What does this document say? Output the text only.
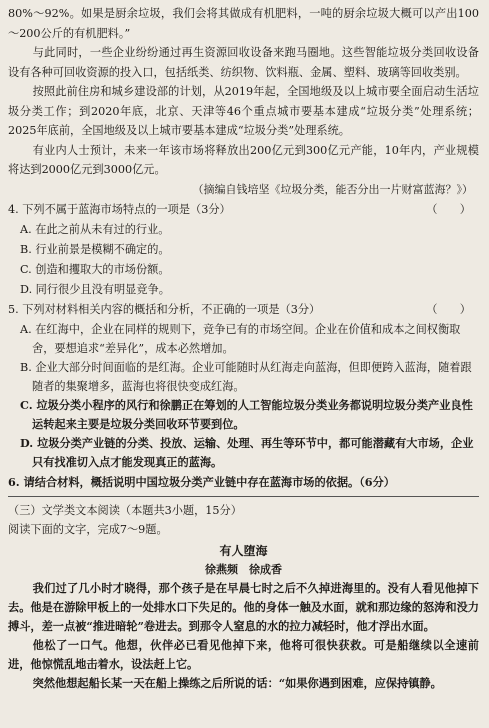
80%～92%。如果是厨余垃圾，我们会将其做成有机肥料，一吨的厨余垃圾大概可以产出100～200公斤的有机肥料。”

与此同时，一些企业纷纷通过再生资源回收设备来跑马圈地。这些智能垃圾分类回收设备设有各种可回收资源的投入口，包括纸类、纺织物、饮料瓶、金属、塑料、玻璃等回收类别。

按照此前住房和城乡建设部的计划，从2019年起，全国地级及以上城市要全面启动生活垃圾分类工作；到2020年底，北京、天津等46个重点城市要基本建成“垃圾分类”处理系统；2025年底前，全国地级及以上城市要基本建成“垃圾分类”处理系统。

有业内人士预计，未来一年该市场将释放出200亿元到300亿元产能，10年内，产业规模将达到2000亿元到3000亿元。

（摘编自钱培坚《垃圾分类，能否分出一片财富蓝海？》）

4. 下列不属于蓝海市场特点的一项是（3分）	（　　）

A. 在此之前从未有过的行业。

B. 行业前景是模糊不确定的。

C. 创造和攫取大的市场份额。

D. 同行很少且没有明显竞争。

5. 下列对材料相关内容的概括和分析，不正确的一项是（3分）	（　　）

A. 在红海中，企业在同样的规则下，竞争已有的市场空间。企业在价值和成本之间权衡取舍，要想追求“差异化”，成本必然增加。

B. 企业大部分时间面临的是红海。企业可能随时从红海走向蓝海，但即便跨入蓝海，随着跟随者的集聚增多，蓝海也将很快变成红海。

C. 垃圾分类小程序的风行和徐鹏正在筹划的人工智能垃圾分类业务都说明垃圾分类产业良性运转起来主要是垃圾分类回收环节要到位。

D. 垃圾分类产业链的分类、投放、运输、处理、再生等环节中，都可能潜藏有大市场，企业只有找准切入点才能发现真正的蓝海。

6. 请结合材料，概括说明中国垃圾分类产业链中存在蓝海市场的依据。（6分）

（三）文学类文本阅读（本题共3小题，15分）

阅读下面的文字，完成7～9题。

有人堕海

徐燕频　徐成香

我们过了几小时才晓得，那个孩子是在早晨七时之后不久掉进海里的。没有人看见他掉下去。他是在游除甲板上的一处排水口下失足的。他的身体一触及水面，就和那边缘的怒涛和没力搏斗，差一点被“推进暗轮”卷进去。到那令人窒息的水的拉力减轻时，他才浮出水面。

他松了一口气。他想，伙伴必已看见他掉下来，他将可很快获救。可是船继续以全速前进，他惊慌乱地击着水，设法赶上它。

突然他想起船长某一天在船上操练之后所说的话：“如果你遇到困难，应保持镇静。
